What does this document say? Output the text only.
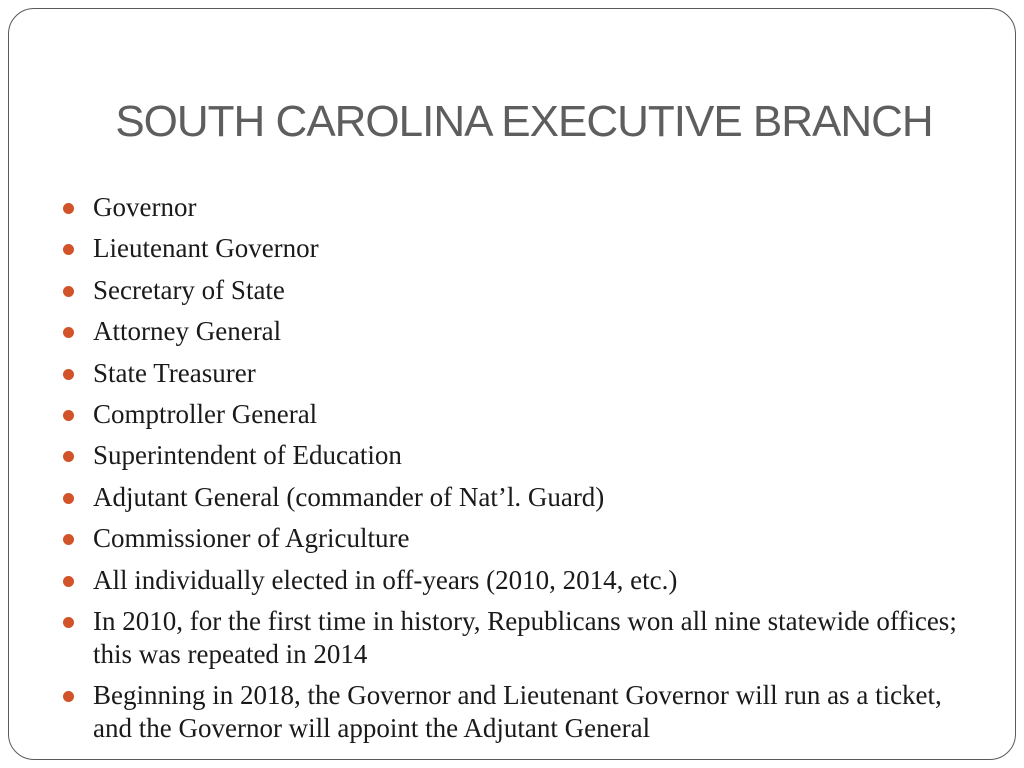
SOUTH CAROLINA EXECUTIVE BRANCH
Governor
Lieutenant Governor
Secretary of State
Attorney General
State Treasurer
Comptroller General
Superintendent of Education
Adjutant General (commander of Nat’l. Guard)
Commissioner of Agriculture
All individually elected in off-years (2010, 2014, etc.)
In 2010, for the first time in history, Republicans won all nine statewide offices; this was repeated in 2014
Beginning in 2018, the Governor and Lieutenant Governor will run as a ticket, and the Governor will appoint the Adjutant General
